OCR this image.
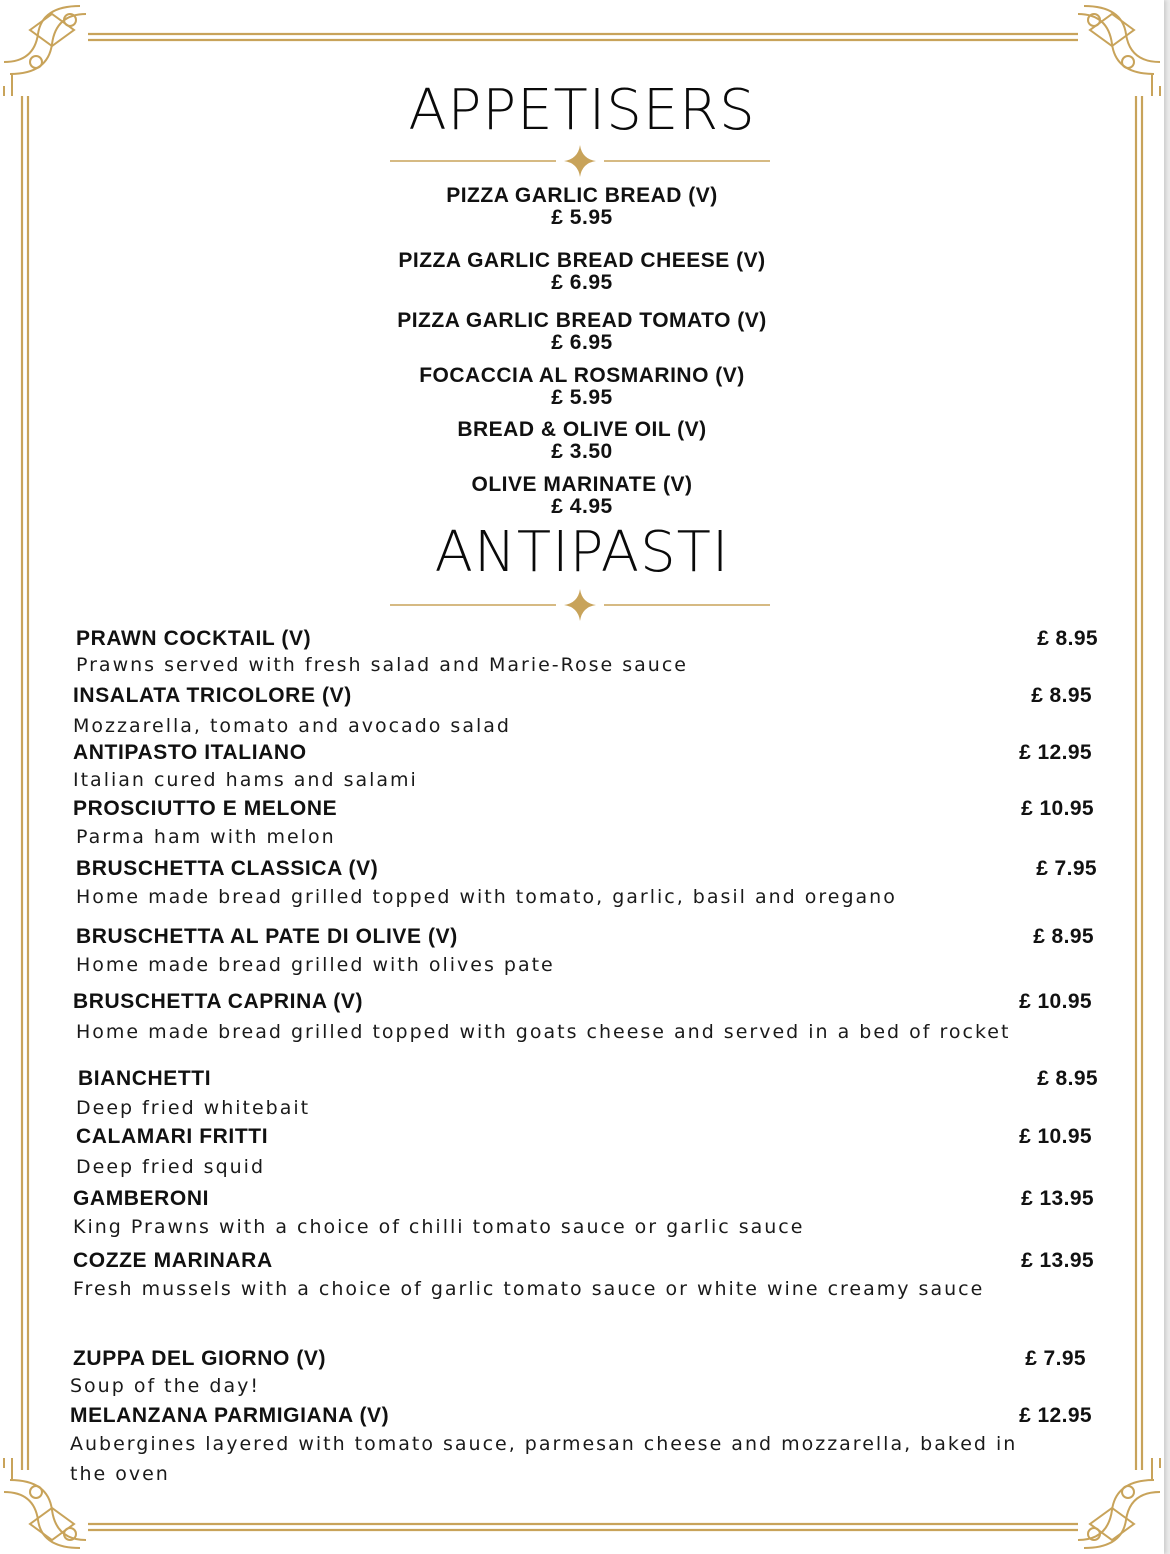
APPETISERS
PIZZA GARLIC BREAD (V)
£ 5.95
PIZZA GARLIC BREAD CHEESE (V)
£ 6.95
PIZZA GARLIC BREAD TOMATO (V)
£ 6.95
FOCACCIA AL ROSMARINO (V)
£ 5.95
BREAD & OLIVE OIL (V)
£ 3.50
OLIVE MARINATE (V)
£ 4.95
ANTIPASTI
PRAWN COCKTAIL (V)	£ 8.95
Prawns served with fresh salad and Marie-Rose sauce
INSALATA TRICOLORE (V)	£ 8.95
Mozzarella, tomato and avocado salad
ANTIPASTO ITALIANO	£ 12.95
Italian cured hams and salami
PROSCIUTTO E MELONE	£ 10.95
Parma ham with melon
BRUSCHETTA CLASSICA (V)	£ 7.95
Home made bread grilled topped with tomato, garlic, basil and oregano
BRUSCHETTA AL PATE DI OLIVE (V)	£ 8.95
Home made bread grilled with olives pate
BRUSCHETTA CAPRINA (V)	£ 10.95
Home made bread grilled topped with goats cheese and served in a bed of rocket
BIANCHETTI	£ 8.95
Deep fried whitebait
CALAMARI FRITTI	£ 10.95
Deep fried squid
GAMBERONI	£ 13.95
King Prawns with a choice of chilli tomato sauce or garlic sauce
COZZE MARINARA	£ 13.95
Fresh mussels with a choice of garlic tomato sauce or white wine creamy sauce
ZUPPA DEL GIORNO (V)	£ 7.95
Soup of the day!
MELANZANA PARMIGIANA (V)	£ 12.95
Aubergines layered with tomato sauce, parmesan cheese and mozzarella, baked in the oven
